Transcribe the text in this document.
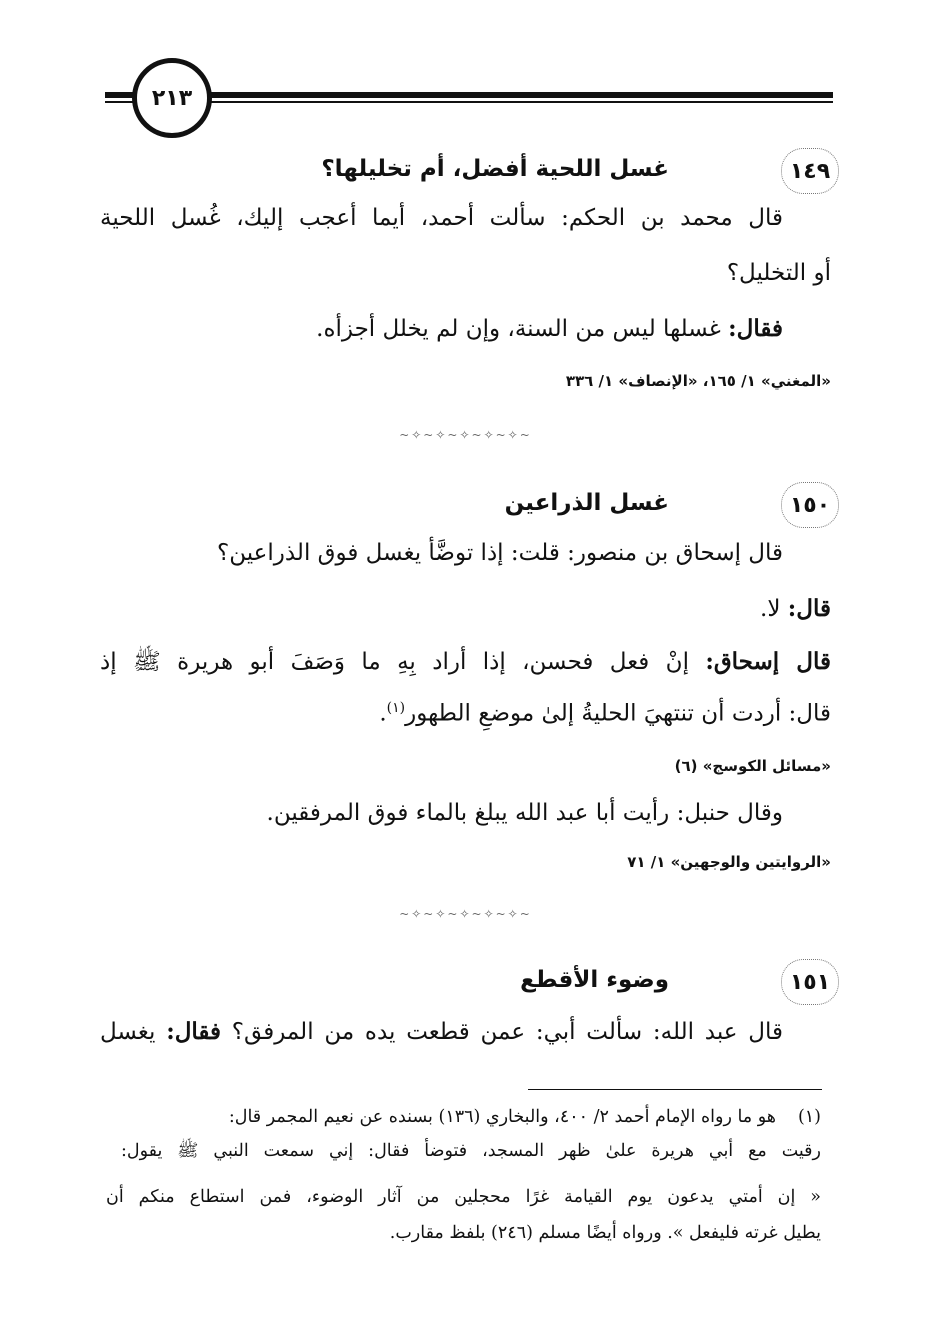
٢١٣
١٤٩
غسل اللحية أفضل، أم تخليلها؟
قال محمد بن الحكم: سألت أحمد، أيما أعجب إليك، غُسل اللحية
أو التخليل؟
فقال: غسلها ليس من السنة، وإن لم يخلل أجزأه.
«المغني» ١/ ١٦٥، «الإنصاف» ١/ ٣٣٦
~✧~✧~✧~✧~✧~
١٥٠
غسل الذراعين
قال إسحاق بن منصور: قلت: إذا توضَّأ يغسل فوق الذراعين؟
قال: لا.
قال إسحاق: إنْ فعل فحسن، إذا أراد بِهِ ما وَصَفَ أبو هريرة ﷺ إذ
قال: أردت أن تنتهيَ الحليةُ إلىٰ موضعِ الطهور$^{(١)}$.
«مسائل الكوسج» (٦)
وقال حنبل: رأيت أبا عبد الله يبلغ بالماء فوق المرفقين.
«الروايتين والوجهين» ١/ ٧١
~✧~✧~✧~✧~✧~
١٥١
وضوء الأقطع
قال عبد الله: سألت أبي: عمن قطعت يده من المرفق؟ فقال: يغسل
(١)
هو ما رواه الإمام أحمد ٢/ ٤٠٠، والبخاري (١٣٦) بسنده عن نعيم المجمر قال:
رقيت مع أبي هريرة علىٰ ظهر المسجد، فتوضأ فقال: إني سمعت النبي ﷺ يقول:
« إن أمتي يدعون يوم القيامة غرًا محجلين من آثار الوضوء، فمن استطاع منكم أن
يطيل غرته فليفعل ». ورواه أيضًا مسلم (٢٤٦) بلفظ مقارب.
